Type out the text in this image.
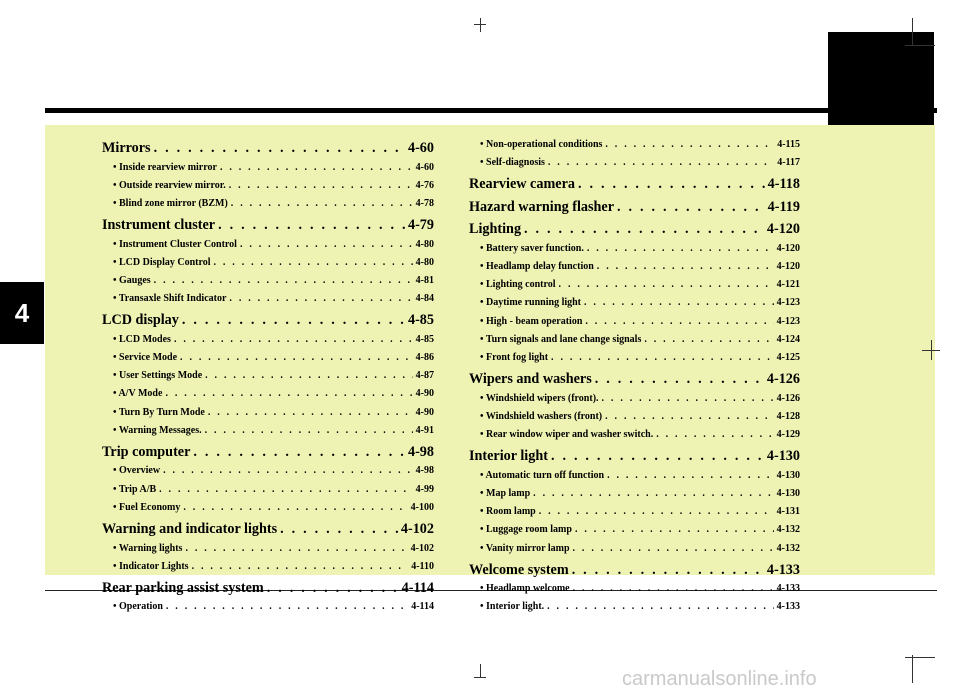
4
Mirrors . . .	4-60
• Inside rearview mirror . . .	4-60
• Outside rearview mirror. . . .	4-76
• Blind zone mirror (BZM) . . .	4-78
Instrument cluster . . .	4-79
• Instrument Cluster Control . . .	4-80
• LCD Display Control . . .	4-80
• Gauges . . .	4-81
• Transaxle Shift Indicator . . .	4-84
LCD display . . .	4-85
• LCD Modes . . .	4-85
• Service Mode . . .	4-86
• User Settings Mode . . .	4-87
• A/V Mode . . .	4-90
• Turn By Turn Mode . . .	4-90
• Warning Messages. . . .	4-91
Trip computer . . .	4-98
• Overview . . .	4-98
• Trip A/B . . .	4-99
• Fuel Economy . . .	4-100
Warning and indicator lights . . .	4-102
• Warning lights . . .	4-102
• Indicator Lights . . .	4-110
Rear parking assist system . . .	4-114
• Operation . . .	4-114
• Non-operational conditions . . .	4-115
• Self-diagnosis . . .	4-117
Rearview camera . . .	4-118
Hazard warning flasher . . .	4-119
Lighting . . .	4-120
• Battery saver function. . . .	4-120
• Headlamp delay function . . .	4-120
• Lighting control . . .	4-121
• Daytime running light . . .	4-123
• High - beam operation . . .	4-123
• Turn signals and lane change signals . . .	4-124
• Front fog light . . .	4-125
Wipers and washers . . .	4-126
• Windshield wipers (front). . . .	4-126
• Windshield washers (front) . . .	4-128
• Rear window wiper and washer switch. . . .	4-129
Interior light . . .	4-130
• Automatic turn off function . . .	4-130
• Map lamp . . .	4-130
• Room lamp . . .	4-131
• Luggage room lamp . . .	4-132
• Vanity mirror lamp . . .	4-132
Welcome system . . .	4-133
• Headlamp welcome . . .	4-133
• Interior light. . . .	4-133
carmanualsonline.info
